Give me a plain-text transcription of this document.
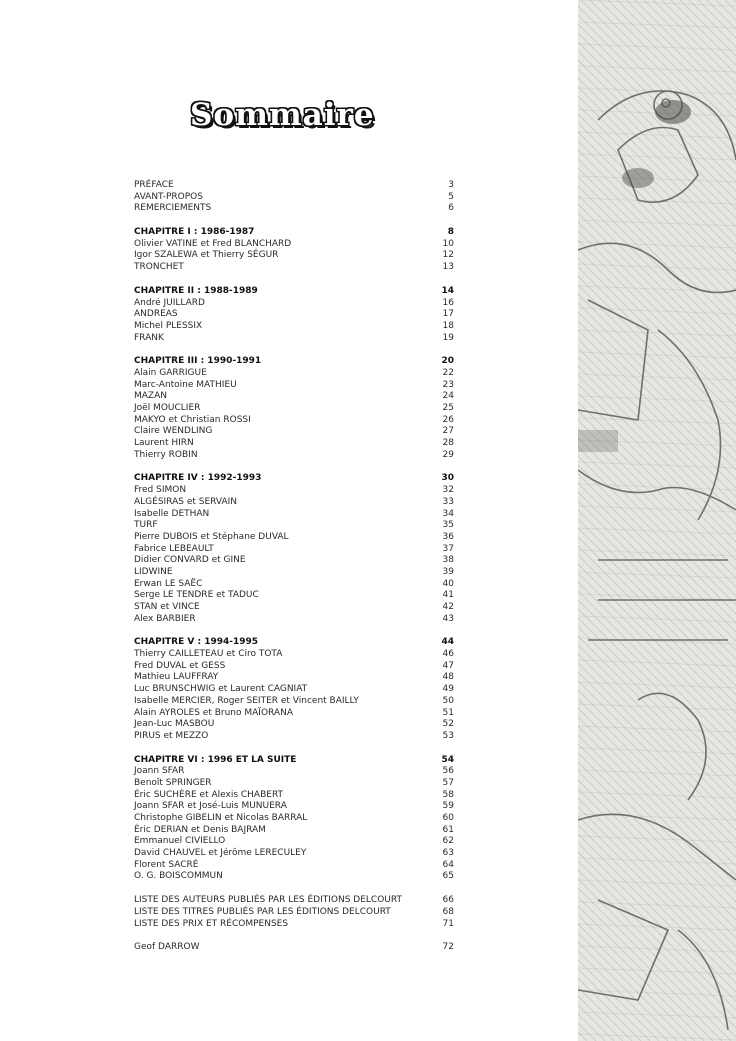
Sommaire
PRÉFACE	3
AVANT-PROPOS	5
REMERCIEMENTS	6
CHAPITRE I : 1986-1987	8
Olivier VATINE et Fred BLANCHARD	10
Igor SZALEWA et Thierry SÉGUR	12
TRONCHET	13
CHAPITRE II : 1988-1989	14
André JUILLARD	16
ANDREAS	17
Michel PLESSIX	18
FRANK	19
CHAPITRE III : 1990-1991	20
Alain GARRIGUE	22
Marc-Antoine MATHIEU	23
MAZAN	24
Joël MOUCLIER	25
MAKYO et Christian ROSSI	26
Claire WENDLING	27
Laurent HIRN	28
Thierry ROBIN	29
CHAPITRE IV : 1992-1993	30
Fred SIMON	32
ALGÉSIRAS et SERVAIN	33
Isabelle DETHAN	34
TURF	35
Pierre DUBOIS et Stéphane DUVAL	36
Fabrice LEBEAULT	37
Didier CONVARD et GINE	38
LIDWINE	39
Erwan LE SAËC	40
Serge LE TENDRE et TADUC	41
STAN et VINCE	42
Alex BARBIER	43
CHAPITRE V : 1994-1995	44
Thierry CAILLETEAU et Ciro TOTA	46
Fred DUVAL et GESS	47
Mathieu LAUFFRAY	48
Luc BRUNSCHWIG et Laurent CAGNIAT	49
Isabelle MERCIER, Roger SEITER et Vincent BAILLY	50
Alain AYROLES et Bruno MAÏORANA	51
Jean-Luc MASBOU	52
PIRUS et MEZZO	53
CHAPITRE VI : 1996 ET LA SUITE	54
Joann SFAR	56
Benoît SPRINGER	57
Éric SUCHÈRE et Alexis CHABERT	58
Joann SFAR et José-Luis MUNUERA	59
Christophe GIBELIN et Nicolas BARRAL	60
Éric DERIAN et Denis BAJRAM	61
Emmanuel CIVIELLO	62
David CHAUVEL et Jérôme LERECULEY	63
Florent SACRÉ	64
O. G. BOISCOMMUN	65
LISTE DES AUTEURS PUBLIÉS PAR LES ÉDITIONS DELCOURT	66
LISTE DES TITRES PUBLIÉS PAR LES ÉDITIONS DELCOURT	68
LISTE DES PRIX ET RÉCOMPENSES	71
Geof DARROW	72
